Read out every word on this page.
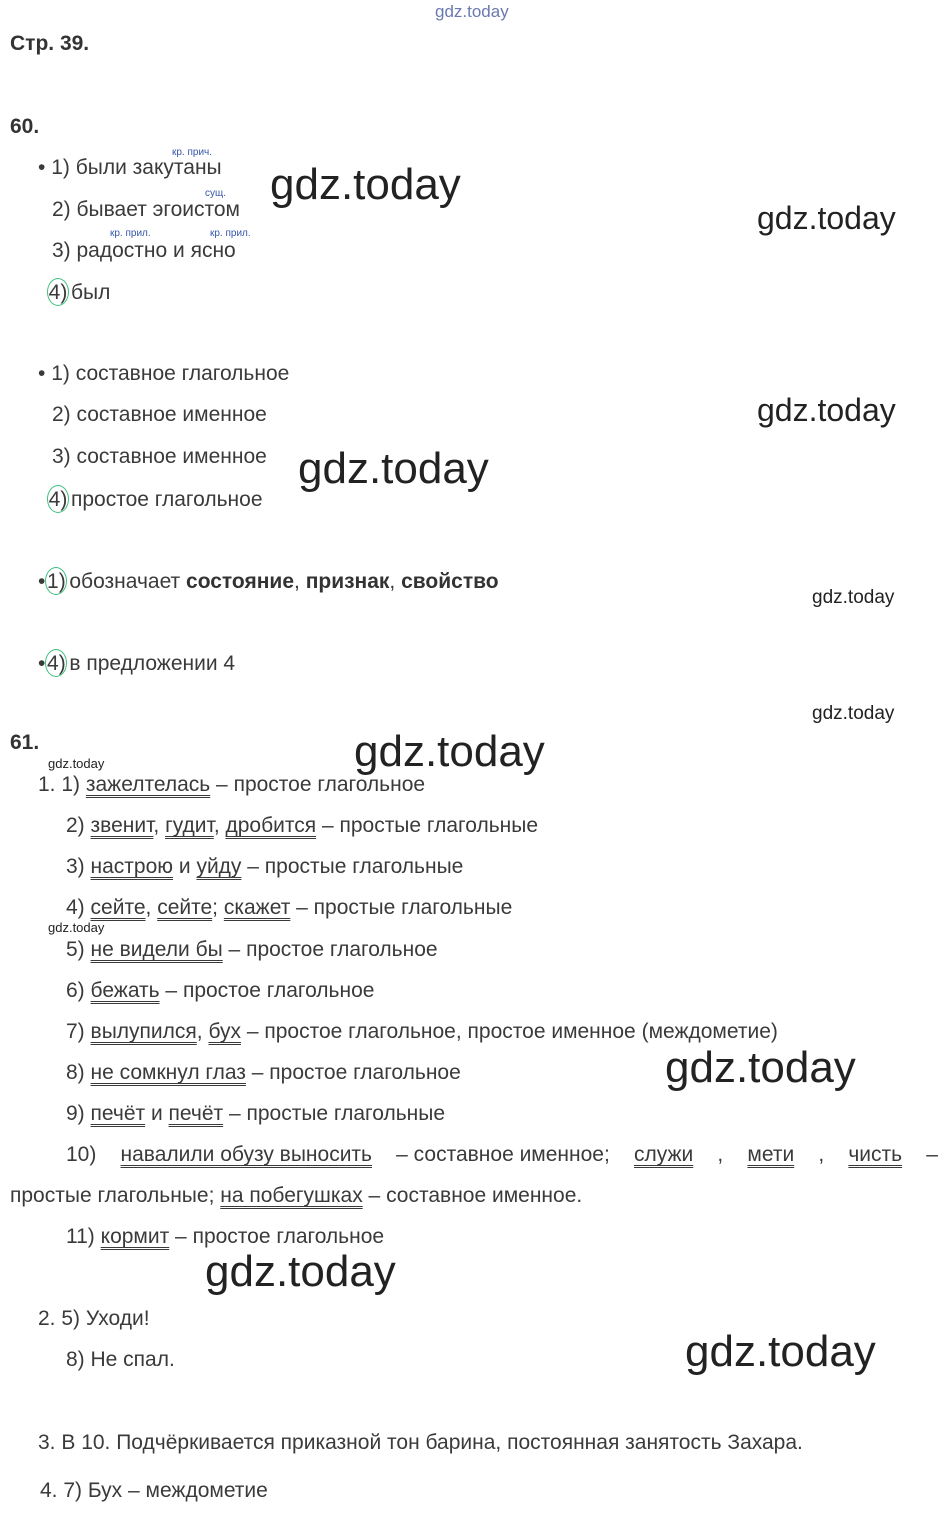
gdz.today
gdz.today
gdz.today
gdz.today
gdz.today
gdz.today
gdz.today
gdz.today
gdz.today
gdz.today
gdz.today
gdz.today
gdz.today
Стр. 39.
60.
кр. прич.
сущ.
кр. прил.	кр. прил.
• 1) были закутаны
2) бывает эгоистом
3) радостно и ясно
4) был
• 1) составное глагольное
2) составное именное
3) составное именное
4) простое глагольное
•1) обозначает состояние, признак, свойство
•4) в предложении 4
61.
1. 1) зажелтелась – простое глагольное
2) звенит, гудит, дробится – простые глагольные
3) настрою и уйду – простые глагольные
4) сейте, сейте; скажет – простые глагольные
5) не видели бы – простое глагольное
6) бежать – простое глагольное
7) вылупился, бух – простое глагольное, простое именное (междометие)
8) не сомкнул глаз – простое глагольное
9) печёт и печёт – простые глагольные
10) навалили обузу выносить – составное именное; служи , мети , чисть –
простые глагольные; на побегушках – составное именное.
11) кормит – простое глагольное
2. 5) Уходи!
8) Не спал.
3. В 10. Подчёркивается приказной тон барина, постоянная занятость Захара.
4. 7) Бух – междометие
